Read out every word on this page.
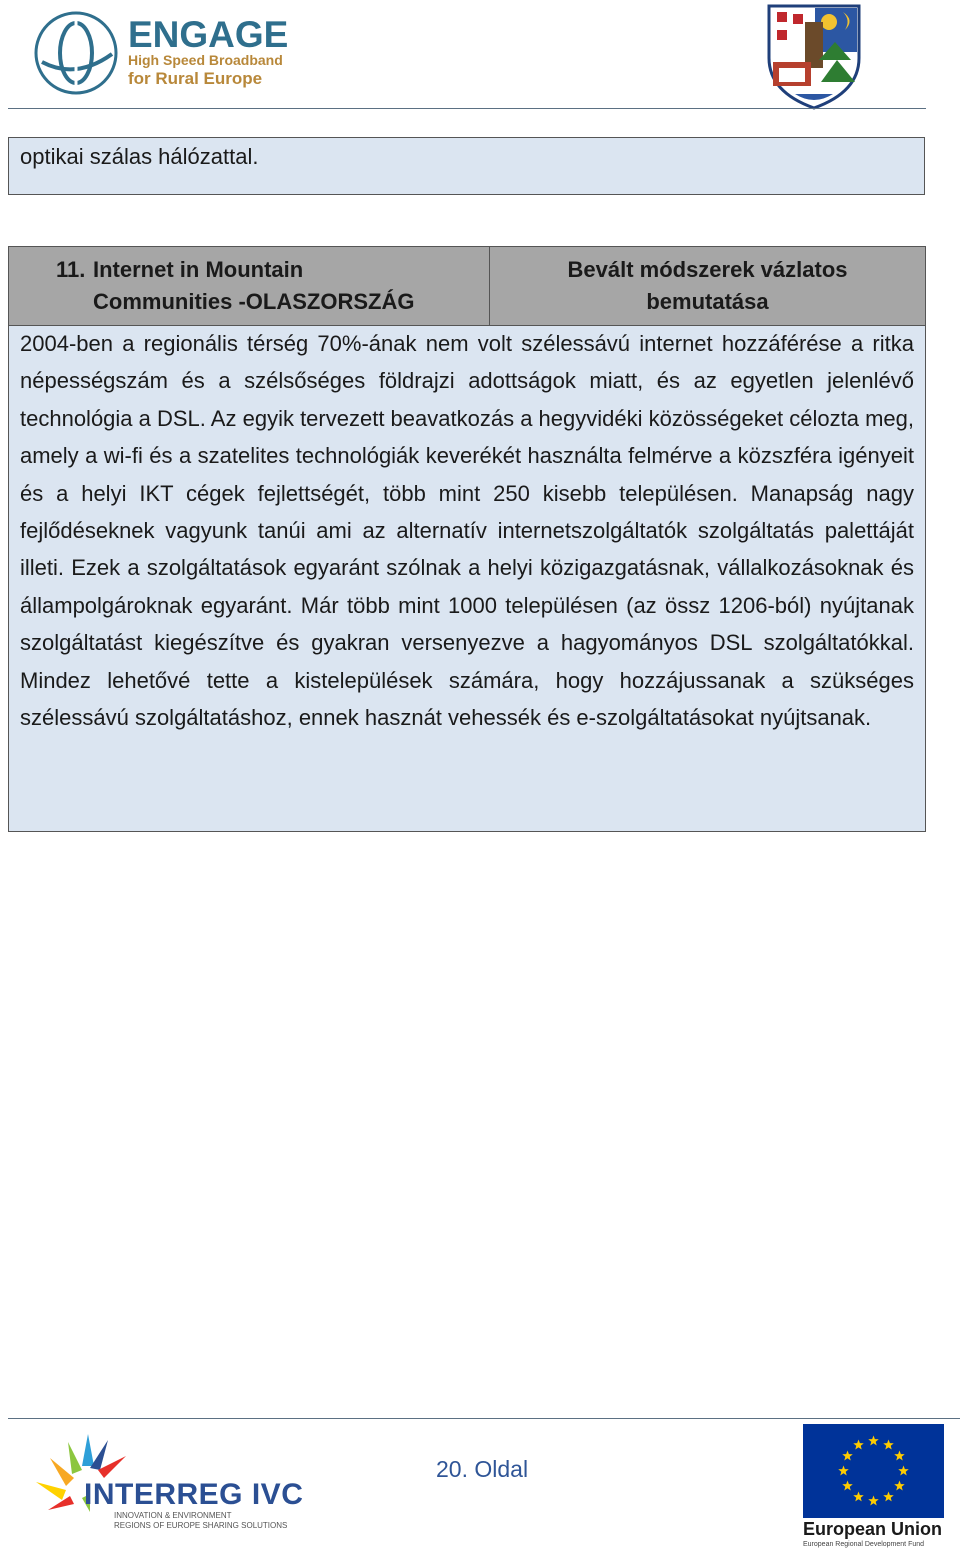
ENGAGE
High Speed Broadband
for Rural Europe

optikai szálas hálózattal.

11. Internet in Mountain
Communities -OLASZORSZÁG
Bevált módszerek vázlatos
bemutatása

2004-ben a regionális térség 70%-ának nem volt szélessávú internet hozzáférése a ritka népességszám és a szélsőséges földrajzi adottságok miatt, és az egyetlen jelenlévő technológia a DSL. Az egyik tervezett beavatkozás a hegyvidéki közösségeket célozta meg, amely a wi-fi és a szatelites technológiák keverékét használta felmérve a közszféra igényeit és a helyi IKT cégek fejlettségét, több mint 250 kisebb településen. Manapság nagy fejlődéseknek vagyunk tanúi ami az alternatív internetszolgáltatók szolgáltatás palettáját illeti. Ezek a szolgáltatások egyaránt szólnak a helyi közigazgatásnak, vállalkozásoknak és állampolgároknak egyaránt. Már több mint 1000 településen (az össz 1206-ból) nyújtanak szolgáltatást kiegészítve és gyakran versenyezve a hagyományos DSL szolgáltatókkal. Mindez lehetővé tette a kistelepülések számára, hogy hozzájussanak a szükséges szélessávú szolgáltatáshoz, ennek hasznát vehessék és e-szolgáltatásokat nyújtsanak.

INTERREG IVC
INNOVATION & ENVIRONMENT
REGIONS OF EUROPE SHARING SOLUTIONS
20. Oldal
European Union
European Regional Development Fund
